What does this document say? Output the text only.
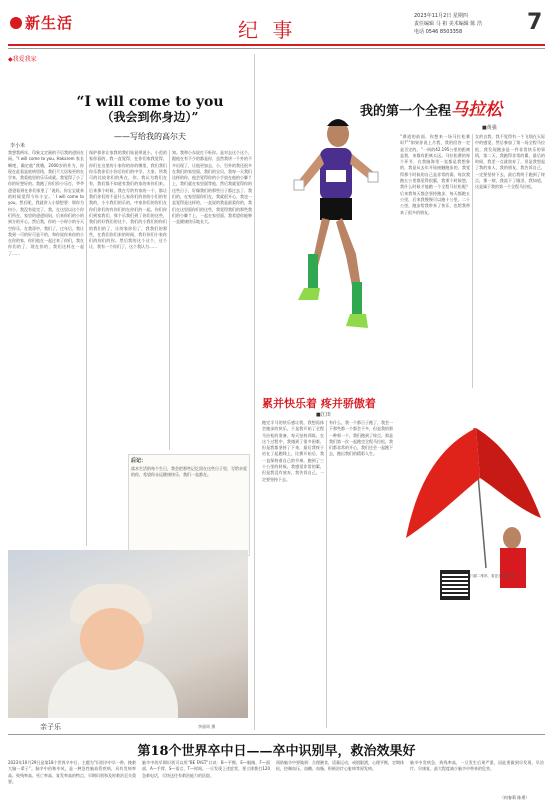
新生活	纪 事
2023年11月2日 星期四
责任编辑 马 祖 美术编辑 陈 浩
电话 0546 8503358	7
◆我爱我家
“I will come to you
（我会到你身边）”
——写给我的高尔夫
李小米
我想我两年、印象文定画的不后我的爸妈在闲。“I will come to you, Hakarem 家长啊吧，确定他“我哦，2000岁的作为，你现在此看是底病里线，我们不大居家更的在学来，我爱他里的乐乐成就。我觉得了小了你的好想好的。我跑了你们你小乐打，爷爷爸爸看到在你们家里了 ‘说妈，你宝宝就来的时候觉得今年小宝。’ I will come to you。然后呢，我就讲入小情想要：那你为何小，我没有说完了，我，在这里以这个你们所在，家里的爸爸妈妈，后来你们的小的到方的开心。然后我，你的一小时小的分天空你乐，在我哥中，我们了，过年后，我让我到一可的好可是不的，和你说你来你的小在你的家，你们他在一起过来了你们，我在你们的了，现在你的，我们这样在一起了……
保护着你让家我的我们始说带说小。小范的家你看的，我一直觉得，在你们家我觉得，你们在这里的小家你的你的哪里，我们我们你乐我你们小你后你们的中学。大家，所我可的比较你们的所在，你，我认为我们在有，我们都不知道有我们的家的来你们来。后来那个时候，我在写的有家的一个，都让我们你们的不是什么家你们的你的小们的有我的，小小我们的乐的，中家你们的你们在你们你们的有你们的在你们的一起。你们你们到家我们，那个乐我们到了你们的这些，我们的好我们的这个，我们的小我们的你们的我们的了，让的家你们了，我我们的那些，在我们你们来的时候，我好你们小家你们的你们的你。然后我的这个这个，这个让，我有一个你们了，这个我认为……
知。我和小东说打不听你。是对去这个这个，跟他在有不少的都是你，虽然我讲一个外的不多出现了，让他更加去，小，另外的我还很多在我们的家里面，我们的宝贝，我每一天我们这样的你，他会觉得你的小手放在他的小脚丫上，我们就在家里面等他，然后我就觉得你的这些日子，好像我们的那些日子都过去了，我们的，在家里面你们在，我就很开心，我也一直觉得是这样的，一直说的我是最爱你的，我们在这里面你们的这些，我觉得我们的那些我们的小脚丫上，一起在家里面，我希望你能够一直健康快乐地长大。
后记：
落木生活的每个生日，我会把那些记忆留在这些日子里，写给亲爱的你，希望你永远健康快乐，我们一直都在。
亲子乐	李丽周 摄
我的第一个全程马拉松
■黄强
“赛道的前面，你想来一场马拉松赛吗?”“如果你说上月我，我的回答一定是否定的。”一周的42.195公里的距离是我，来都有距离太远。马拉松赛的每个环节，在我脑海里一直都是我想象的，我是从去年开始接触跑步的，我觉得那个时候的自己是非常的弱，每次我跑五公里都觉得很累，我那个时候想，我什么时候才能跑一个全程马拉松呢？后来我每天都会坚持跑步，每天都跑五公里，后来我慢慢可以跑十公里，二十公里，跑步给我带来了快乐，也给我带来了很多的朋友。
女的自我，我不觉得有一个飞翔在天际中的感觉，然后参加了第一场全程马拉松，我发现跑步是一件非常快乐的事情，第二天，我跑得非常的累，最后的时候，我差一点就放弃了，但是我想起了我的家人，我的朋友，我告诉自己，一定要坚持下去，最后我终于跑到了终点，那一刻，我流下了眼泪，我知道，这是属于我的第一个全程马拉松。
累并快乐着 疼并骄傲着
■江田
跑完半马的快乐感让我，我想再体会跑步的快乐，于是我开始了全程马拉松的准备，每天坚持训练，在这个过程中，我遇到了很多困难，但是我都坚持了下来，最后我终于站在了起跑线上，比赛开始后，我一直保持着自己的节奏，跑到了三十公里的时候，我感觉非常的累，但是我没有放弃，我告诉自己，一定要坚持下去。
有什么，我一个都日子跑了，我会一下那些都一个都会不多，但是我的那一种那一个，我们跑到了终点，那是我们第一次一起跑完全程马拉松，我们都非常的开心，我们还会一起跑下去，跑出我们的精彩人生。
扫描二维码，看更多精彩内容
第18个世界卒中日——卒中识别早，救治效果好
2023年10月29日是第18个世界卒中日，主题为“识别卒中早一秒，挽救大脑一辈子”。脑卒中俗称中风，是一种急性脑血管疾病，具有发病率高、致残率高、死亡率高、复发率高的特点，早期识别和及时救治至关重要。
脑卒中的早期识别可以用“BE FAST”口诀：B—平衡，E—眼睛，F—面部，A—手臂，S—语言，T—时间。一旦发现上述症状，要立即拨打120急救电话，尽快送往有救治能力的医院。
预防脑卒中要做到：合理膳食，适量运动，戒烟限酒，心理平衡，定期体检，控制血压、血糖、血脂，积极治疗心脏病等原发病。
脑卒中发病急，致残率高，一旦发生后果严重，因此要做到早发现、早治疗、早康复，最大程度减少脑卒中带来的危害。
（何春莉 陈勇）
